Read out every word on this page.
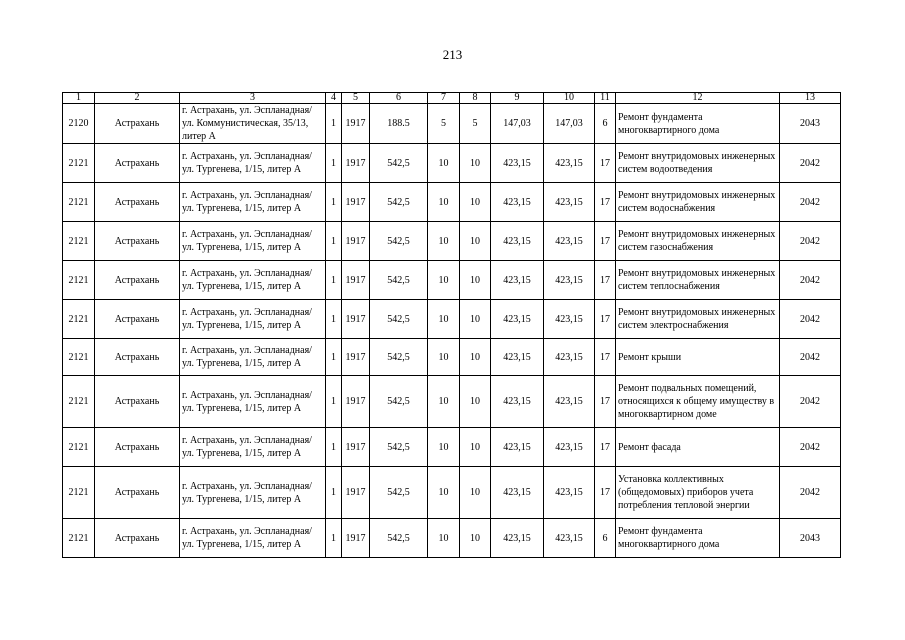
213
1	2	3	4	5	6	7	8	9	10	11	12	13
2120	Астрахань	г. Астрахань, ул. Эспланадная/ ул. Коммунистическая, 35/13, литер А	1	1917	188.5	5	5	147,03	147,03	6	Ремонт фундамента многоквартирного дома	2043
2121	Астрахань	г. Астрахань, ул. Эспланадная/ ул. Тургенева, 1/15, литер А	1	1917	542,5	10	10	423,15	423,15	17	Ремонт внутридомовых инженерных систем водоотведения	2042
2121	Астрахань	г. Астрахань, ул. Эспланадная/ ул. Тургенева, 1/15, литер А	1	1917	542,5	10	10	423,15	423,15	17	Ремонт внутридомовых инженерных систем водоснабжения	2042
2121	Астрахань	г. Астрахань, ул. Эспланадная/ ул. Тургенева, 1/15, литер А	1	1917	542,5	10	10	423,15	423,15	17	Ремонт внутридомовых инженерных систем газоснабжения	2042
2121	Астрахань	г. Астрахань, ул. Эспланадная/ ул. Тургенева, 1/15, литер А	1	1917	542,5	10	10	423,15	423,15	17	Ремонт внутридомовых инженерных систем теплоснабжения	2042
2121	Астрахань	г. Астрахань, ул. Эспланадная/ ул. Тургенева, 1/15, литер А	1	1917	542,5	10	10	423,15	423,15	17	Ремонт внутридомовых инженерных систем электроснабжения	2042
2121	Астрахань	г. Астрахань, ул. Эспланадная/ ул. Тургенева, 1/15, литер А	1	1917	542,5	10	10	423,15	423,15	17	Ремонт крыши	2042
2121	Астрахань	г. Астрахань, ул. Эспланадная/ ул. Тургенева, 1/15, литер А	1	1917	542,5	10	10	423,15	423,15	17	Ремонт подвальных помещений, относящихся к общему имуществу в многоквартирном доме	2042
2121	Астрахань	г. Астрахань, ул. Эспланадная/ ул. Тургенева, 1/15, литер А	1	1917	542,5	10	10	423,15	423,15	17	Ремонт фасада	2042
2121	Астрахань	г. Астрахань, ул. Эспланадная/ ул. Тургенева, 1/15, литер А	1	1917	542,5	10	10	423,15	423,15	17	Установка коллективных (общедомовых) приборов учета потребления тепловой энергии	2042
2121	Астрахань	г. Астрахань, ул. Эспланадная/ ул. Тургенева, 1/15, литер А	1	1917	542,5	10	10	423,15	423,15	6	Ремонт фундамента многоквартирного дома	2043
